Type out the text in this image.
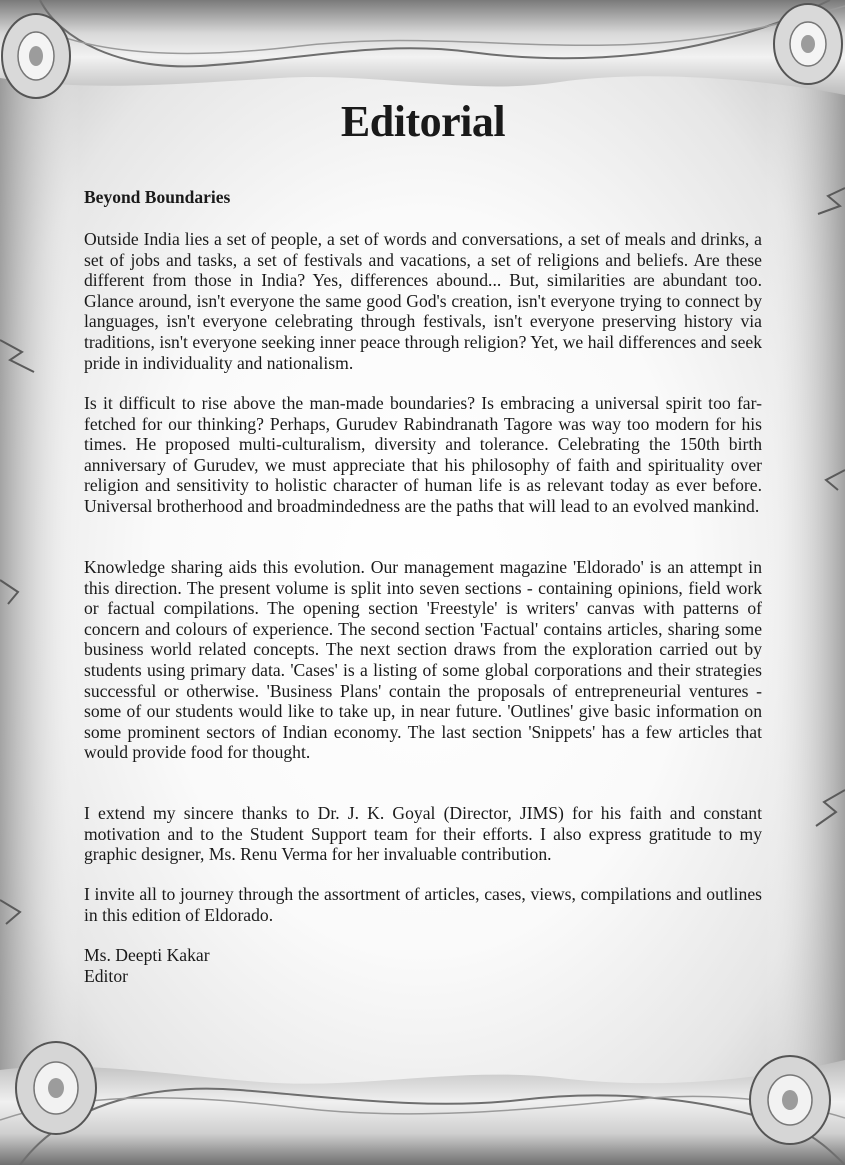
Editorial
Beyond Boundaries

Outside India lies a set of people, a set of words and conversations, a set of meals and drinks, a set of jobs and tasks, a set of festivals and vacations, a set of religions and beliefs. Are these different from those in India? Yes, differences abound... But, similarities are abundant too. Glance around, isn't everyone the same good God's creation, isn't everyone trying to connect by languages, isn't everyone celebrating through festivals, isn't everyone preserving history via traditions, isn't everyone seeking inner peace through religion? Yet, we hail differences and seek pride in individuality and nationalism.

Is it difficult to rise above the man-made boundaries? Is embracing a universal spirit too far-fetched for our thinking? Perhaps, Gurudev Rabindranath Tagore was way too modern for his times. He proposed multi-culturalism, diversity and tolerance. Celebrating the 150th birth anniversary of Gurudev, we must appreciate that his philosophy of faith and spirituality over religion and sensitivity to holistic character of human life is as relevant today as ever before. Universal brotherhood and broadmindedness are the paths that will lead to an evolved mankind.

Knowledge sharing aids this evolution. Our management magazine 'Eldorado' is an attempt in this direction. The present volume is split into seven sections - containing opinions, field work or factual compilations. The opening section 'Freestyle' is writers' canvas with patterns of concern and colours of experience. The second section 'Factual' contains articles, sharing some business world related concepts. The next section draws from the exploration carried out by students using primary data. 'Cases' is a listing of some global corporations and their strategies successful or otherwise. 'Business Plans' contain the proposals of entrepreneurial ventures - some of our students would like to take up, in near future. 'Outlines' give basic information on some prominent sectors of Indian economy. The last section 'Snippets' has a few articles that would provide food for thought.

I extend my sincere thanks to Dr. J. K. Goyal (Director, JIMS) for his faith and constant motivation and to the Student Support team for their efforts. I also express gratitude to my graphic designer, Ms. Renu Verma for her invaluable contribution.

I invite all to journey through the assortment of articles, cases, views, compilations and outlines in this edition of Eldorado.

Ms. Deepti Kakar
Editor
